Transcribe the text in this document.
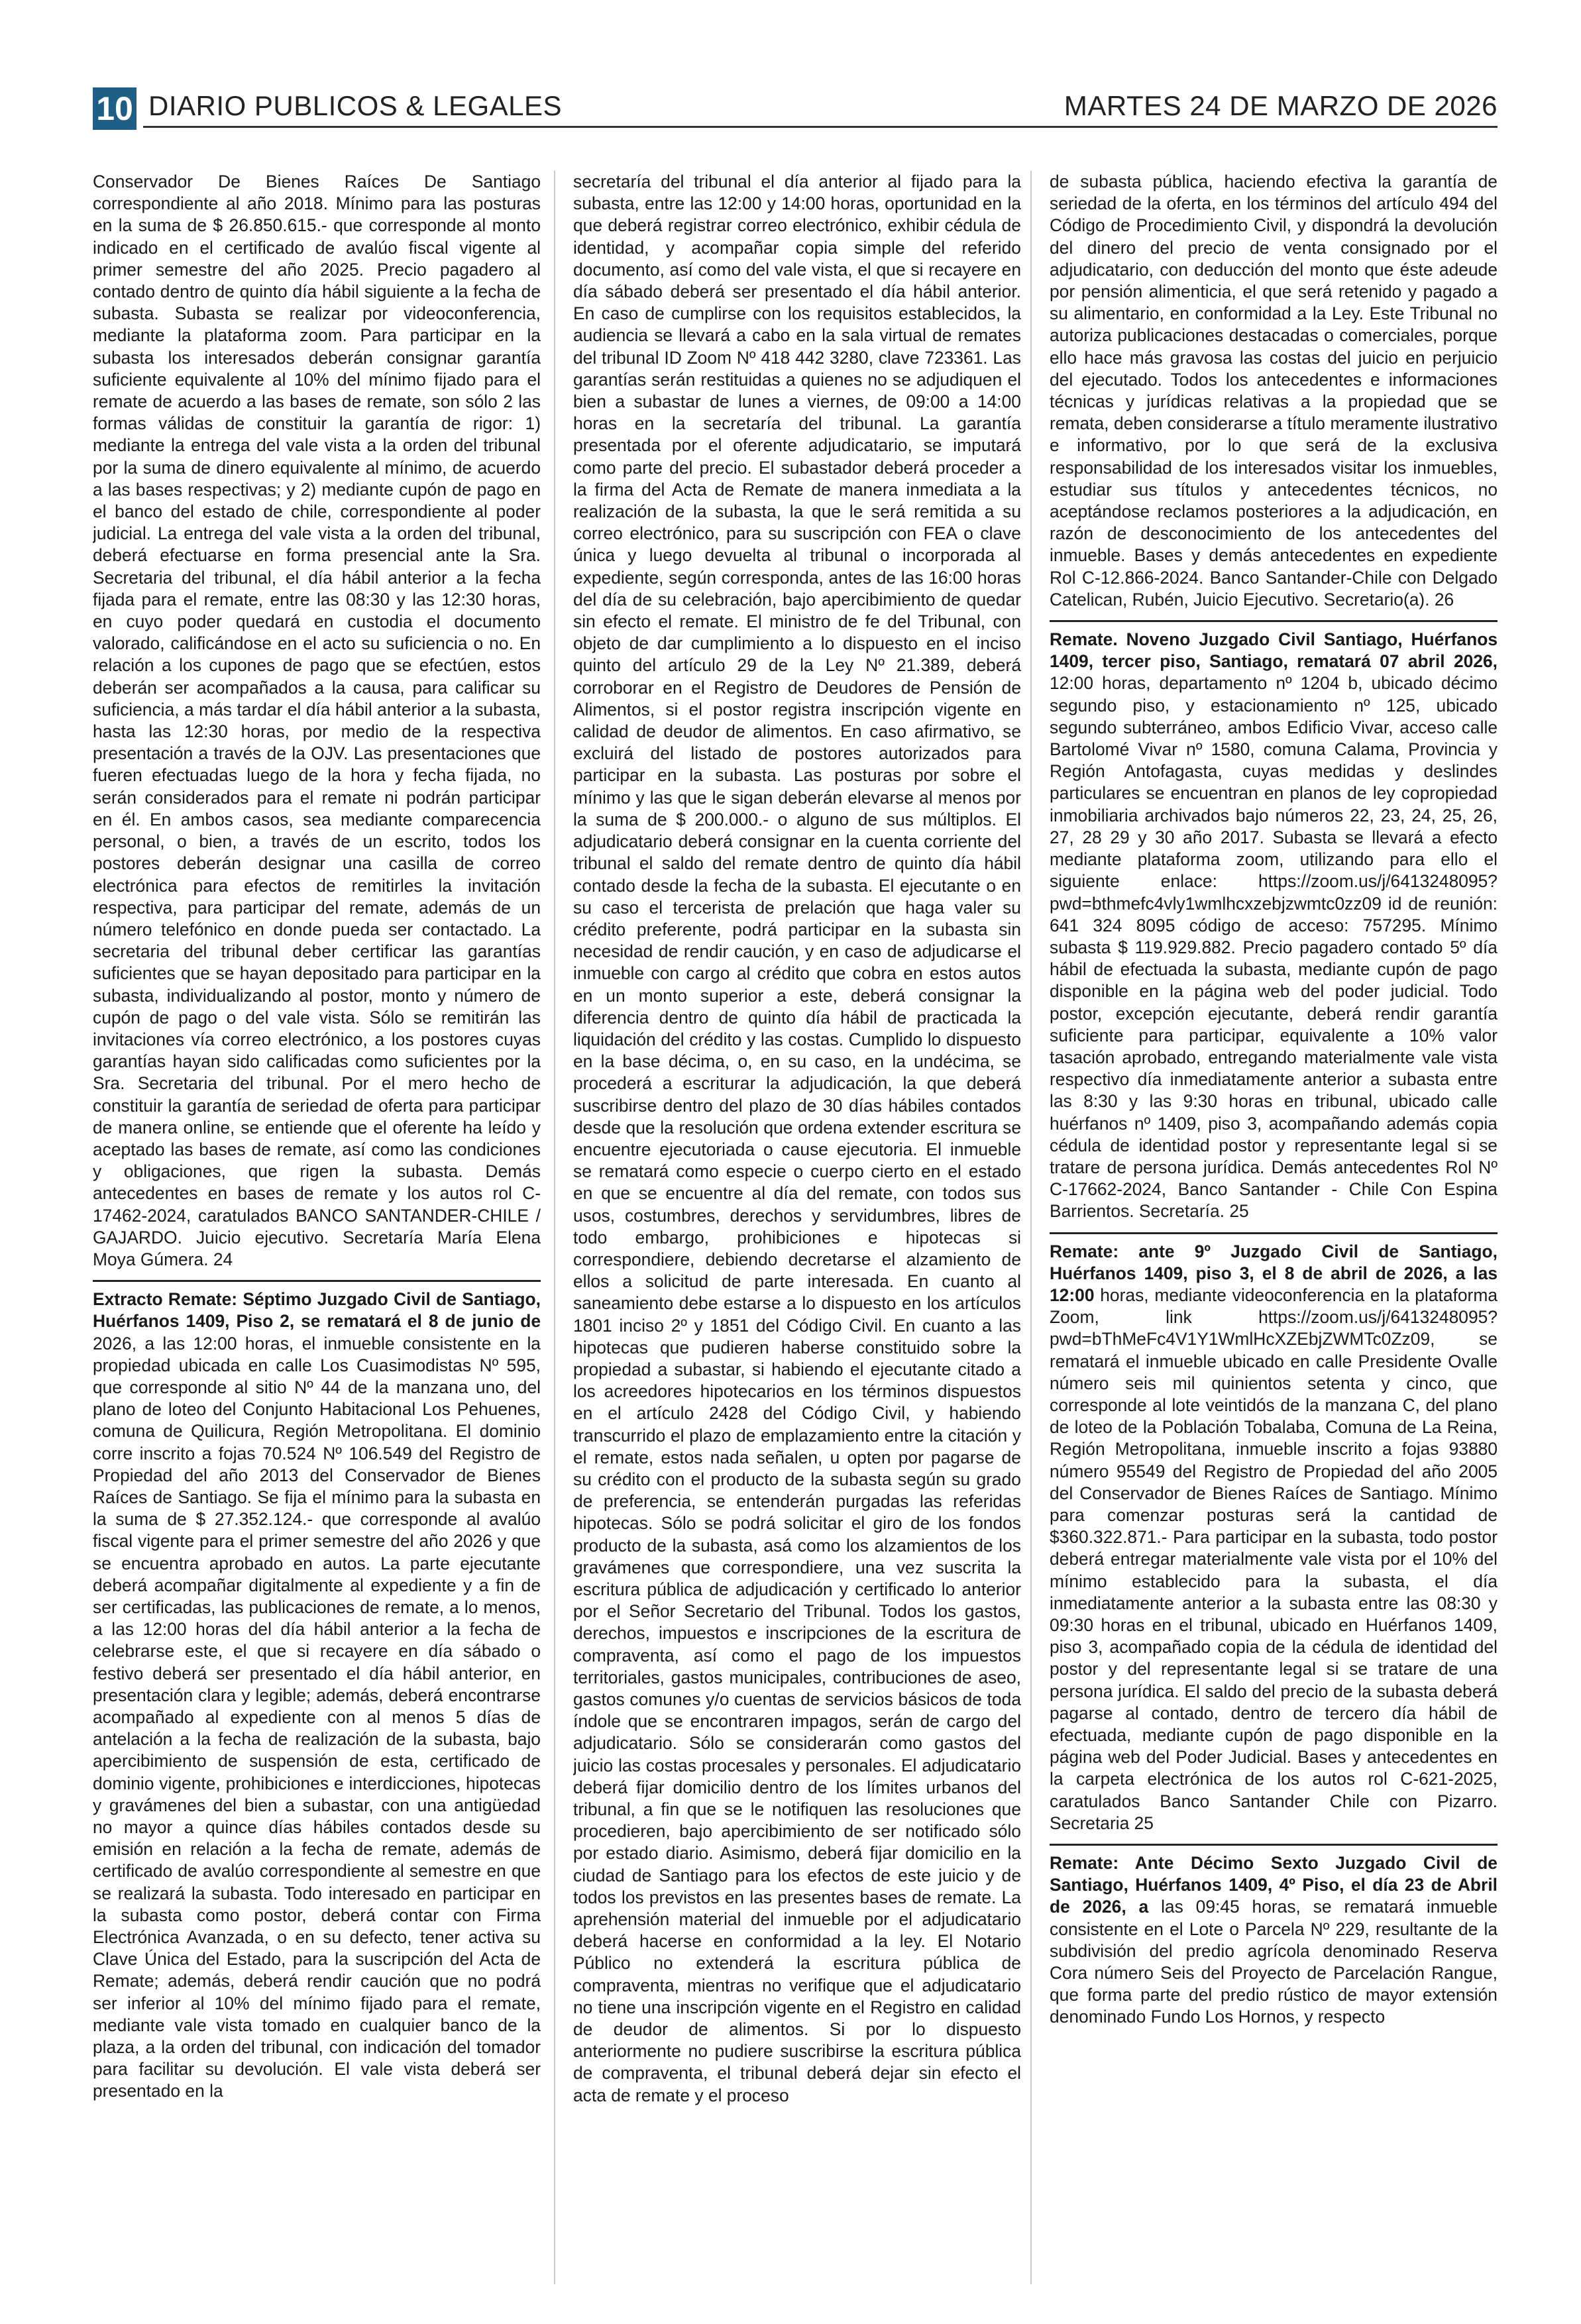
10 DIARIO PUBLICOS & LEGALES	MARTES 24 DE MARZO DE 2026

Conservador De Bienes Raíces De Santiago correspondiente al año 2018. Mínimo para las posturas en la suma de $ 26.850.615.- que corresponde al monto indicado en el certificado de avalúo fiscal vigente al primer semestre del año 2025. Precio pagadero al contado dentro de quinto día hábil siguiente a la fecha de subasta. Subasta se realizar por videoconferencia, mediante la plataforma zoom. Para participar en la subasta los interesados deberán consignar garantía suficiente equivalente al 10% del mínimo fijado para el remate de acuerdo a las bases de remate, son sólo 2 las formas válidas de constituir la garantía de rigor: 1) mediante la entrega del vale vista a la orden del tribunal por la suma de dinero equivalente al mínimo, de acuerdo a las bases respectivas; y 2) mediante cupón de pago en el banco del estado de chile, correspondiente al poder judicial. La entrega del vale vista a la orden del tribunal, deberá efectuarse en forma presencial ante la Sra. Secretaria del tribunal, el día hábil anterior a la fecha fijada para el remate, entre las 08:30 y las 12:30 horas, en cuyo poder quedará en custodia el documento valorado, calificándose en el acto su suficiencia o no. En relación a los cupones de pago que se efectúen, estos deberán ser acompañados a la causa, para calificar su suficiencia, a más tardar el día hábil anterior a la subasta, hasta las 12:30 horas, por medio de la respectiva presentación a través de la OJV. Las presentaciones que fueren efectuadas luego de la hora y fecha fijada, no serán considerados para el remate ni podrán participar en él. En ambos casos, sea mediante comparecencia personal, o bien, a través de un escrito, todos los postores deberán designar una casilla de correo electrónica para efectos de remitirles la invitación respectiva, para participar del remate, además de un número telefónico en donde pueda ser contactado. La secretaria del tribunal deber certificar las garantías suficientes que se hayan depositado para participar en la subasta, individualizando al postor, monto y número de cupón de pago o del vale vista. Sólo se remitirán las invitaciones vía correo electrónico, a los postores cuyas garantías hayan sido calificadas como suficientes por la Sra. Secretaria del tribunal. Por el mero hecho de constituir la garantía de seriedad de oferta para participar de manera online, se entiende que el oferente ha leído y aceptado las bases de remate, así como las condiciones y obligaciones, que rigen la subasta. Demás antecedentes en bases de remate y los autos rol C-17462-2024, caratulados BANCO SANTANDER-CHILE / GAJARDO. Juicio ejecutivo. Secretaría María Elena Moya Gúmera. 24

Extracto Remate: Séptimo Juzgado Civil de Santiago, Huérfanos 1409, Piso 2, se rematará el 8 de junio de 2026, a las 12:00 horas, el inmueble consistente en la propiedad ubicada en calle Los Cuasimodistas Nº 595, que corresponde al sitio Nº 44 de la manzana uno, del plano de loteo del Conjunto Habitacional Los Pehuenes, comuna de Quilicura, Región Metropolitana. El dominio corre inscrito a fojas 70.524 Nº 106.549 del Registro de Propiedad del año 2013 del Conservador de Bienes Raíces de Santiago. Se fija el mínimo para la subasta en la suma de $ 27.352.124.- que corresponde al avalúo fiscal vigente para el primer semestre del año 2026 y que se encuentra aprobado en autos. La parte ejecutante deberá acompañar digitalmente al expediente y a fin de ser certificadas, las publicaciones de remate, a lo menos, a las 12:00 horas del día hábil anterior a la fecha de celebrarse este, el que si recayere en día sábado o festivo deberá ser presentado el día hábil anterior, en presentación clara y legible; además, deberá encontrarse acompañado al expediente con al menos 5 días de antelación a la fecha de realización de la subasta, bajo apercibimiento de suspensión de esta, certificado de dominio vigente, prohibiciones e interdicciones, hipotecas y gravámenes del bien a subastar, con una antigüedad no mayor a quince días hábiles contados desde su emisión en relación a la fecha de remate, además de certificado de avalúo correspondiente al semestre en que se realizará la subasta. Todo interesado en participar en la subasta como postor, deberá contar con Firma Electrónica Avanzada, o en su defecto, tener activa su Clave Única del Estado, para la suscripción del Acta de Remate; además, deberá rendir caución que no podrá ser inferior al 10% del mínimo fijado para el remate, mediante vale vista tomado en cualquier banco de la plaza, a la orden del tribunal, con indicación del tomador para facilitar su devolución. El vale vista deberá ser presentado en la

secretaría del tribunal el día anterior al fijado para la subasta, entre las 12:00 y 14:00 horas, oportunidad en la que deberá registrar correo electrónico, exhibir cédula de identidad, y acompañar copia simple del referido documento, así como del vale vista, el que si recayere en día sábado deberá ser presentado el día hábil anterior. En caso de cumplirse con los requisitos establecidos, la audiencia se llevará a cabo en la sala virtual de remates del tribunal ID Zoom Nº 418 442 3280, clave 723361. Las garantías serán restituidas a quienes no se adjudiquen el bien a subastar de lunes a viernes, de 09:00 a 14:00 horas en la secretaría del tribunal. La garantía presentada por el oferente adjudicatario, se imputará como parte del precio. El subastador deberá proceder a la firma del Acta de Remate de manera inmediata a la realización de la subasta, la que le será remitida a su correo electrónico, para su suscripción con FEA o clave única y luego devuelta al tribunal o incorporada al expediente, según corresponda, antes de las 16:00 horas del día de su celebración, bajo apercibimiento de quedar sin efecto el remate. El ministro de fe del Tribunal, con objeto de dar cumplimiento a lo dispuesto en el inciso quinto del artículo 29 de la Ley Nº 21.389, deberá corroborar en el Registro de Deudores de Pensión de Alimentos, si el postor registra inscripción vigente en calidad de deudor de alimentos. En caso afirmativo, se excluirá del listado de postores autorizados para participar en la subasta. Las posturas por sobre el mínimo y las que le sigan deberán elevarse al menos por la suma de $ 200.000.- o alguno de sus múltiplos. El adjudicatario deberá consignar en la cuenta corriente del tribunal el saldo del remate dentro de quinto día hábil contado desde la fecha de la subasta. El ejecutante o en su caso el tercerista de prelación que haga valer su crédito preferente, podrá participar en la subasta sin necesidad de rendir caución, y en caso de adjudicarse el inmueble con cargo al crédito que cobra en estos autos en un monto superior a este, deberá consignar la diferencia dentro de quinto día hábil de practicada la liquidación del crédito y las costas. Cumplido lo dispuesto en la base décima, o, en su caso, en la undécima, se procederá a escriturar la adjudicación, la que deberá suscribirse dentro del plazo de 30 días hábiles contados desde que la resolución que ordena extender escritura se encuentre ejecutoriada o cause ejecutoria. El inmueble se rematará como especie o cuerpo cierto en el estado en que se encuentre al día del remate, con todos sus usos, costumbres, derechos y servidumbres, libres de todo embargo, prohibiciones e hipotecas si correspondiere, debiendo decretarse el alzamiento de ellos a solicitud de parte interesada. En cuanto al saneamiento debe estarse a lo dispuesto en los artículos 1801 inciso 2º y 1851 del Código Civil. En cuanto a las hipotecas que pudieren haberse constituido sobre la propiedad a subastar, si habiendo el ejecutante citado a los acreedores hipotecarios en los términos dispuestos en el artículo 2428 del Código Civil, y habiendo transcurrido el plazo de emplazamiento entre la citación y el remate, estos nada señalen, u opten por pagarse de su crédito con el producto de la subasta según su grado de preferencia, se entenderán purgadas las referidas hipotecas. Sólo se podrá solicitar el giro de los fondos producto de la subasta, asá como los alzamientos de los gravámenes que correspondiere, una vez suscrita la escritura pública de adjudicación y certificado lo anterior por el Señor Secretario del Tribunal. Todos los gastos, derechos, impuestos e inscripciones de la escritura de compraventa, así como el pago de los impuestos territoriales, gastos municipales, contribuciones de aseo, gastos comunes y/o cuentas de servicios básicos de toda índole que se encontraren impagos, serán de cargo del adjudicatario. Sólo se considerarán como gastos del juicio las costas procesales y personales. El adjudicatario deberá fijar domicilio dentro de los límites urbanos del tribunal, a fin que se le notifiquen las resoluciones que procedieren, bajo apercibimiento de ser notificado sólo por estado diario. Asimismo, deberá fijar domicilio en la ciudad de Santiago para los efectos de este juicio y de todos los previstos en las presentes bases de remate. La aprehensión material del inmueble por el adjudicatario deberá hacerse en conformidad a la ley. El Notario Público no extenderá la escritura pública de compraventa, mientras no verifique que el adjudicatario no tiene una inscripción vigente en el Registro en calidad de deudor de alimentos. Si por lo dispuesto anteriormente no pudiere suscribirse la escritura pública de compraventa, el tribunal deberá dejar sin efecto el acta de remate y el proceso

de subasta pública, haciendo efectiva la garantía de seriedad de la oferta, en los términos del artículo 494 del Código de Procedimiento Civil, y dispondrá la devolución del dinero del precio de venta consignado por el adjudicatario, con deducción del monto que éste adeude por pensión alimenticia, el que será retenido y pagado a su alimentario, en conformidad a la Ley. Este Tribunal no autoriza publicaciones destacadas o comerciales, porque ello hace más gravosa las costas del juicio en perjuicio del ejecutado. Todos los antecedentes e informaciones técnicas y jurídicas relativas a la propiedad que se remata, deben considerarse a título meramente ilustrativo e informativo, por lo que será de la exclusiva responsabilidad de los interesados visitar los inmuebles, estudiar sus títulos y antecedentes técnicos, no aceptándose reclamos posteriores a la adjudicación, en razón de desconocimiento de los antecedentes del inmueble. Bases y demás antecedentes en expediente Rol C-12.866-2024. Banco Santander-Chile con Delgado Catelican, Rubén, Juicio Ejecutivo. Secretario(a). 26

Remate. Noveno Juzgado Civil Santiago, Huérfanos 1409, tercer piso, Santiago, rematará 07 abril 2026, 12:00 horas, departamento nº 1204 b, ubicado décimo segundo piso, y estacionamiento nº 125, ubicado segundo subterráneo, ambos Edificio Vivar, acceso calle Bartolomé Vivar nº 1580, comuna Calama, Provincia y Región Antofagasta, cuyas medidas y deslindes particulares se encuentran en planos de ley copropiedad inmobiliaria archivados bajo números 22, 23, 24, 25, 26, 27, 28 29 y 30 año 2017. Subasta se llevará a efecto mediante plataforma zoom, utilizando para ello el siguiente enlace: https://zoom.us/j/6413248095?pwd=bthmefc4vly1wmlhcxzebjzwmtc0zz09 id de reunión: 641 324 8095 código de acceso: 757295. Mínimo subasta $ 119.929.882. Precio pagadero contado 5º día hábil de efectuada la subasta, mediante cupón de pago disponible en la página web del poder judicial. Todo postor, excepción ejecutante, deberá rendir garantía suficiente para participar, equivalente a 10% valor tasación aprobado, entregando materialmente vale vista respectivo día inmediatamente anterior a subasta entre las 8:30 y las 9:30 horas en tribunal, ubicado calle huérfanos nº 1409, piso 3, acompañando además copia cédula de identidad postor y representante legal si se tratare de persona jurídica. Demás antecedentes Rol Nº C-17662-2024, Banco Santander - Chile Con Espina Barrientos. Secretaría. 25

Remate: ante 9º Juzgado Civil de Santiago, Huérfanos 1409, piso 3, el 8 de abril de 2026, a las 12:00 horas, mediante videoconferencia en la plataforma Zoom, link https://zoom.us/j/6413248095?pwd=bThMeFc4V1Y1WmlHcXZEbjZWMTc0Zz09, se rematará el inmueble ubicado en calle Presidente Ovalle número seis mil quinientos setenta y cinco, que corresponde al lote veintidós de la manzana C, del plano de loteo de la Población Tobalaba, Comuna de La Reina, Región Metropolitana, inmueble inscrito a fojas 93880 número 95549 del Registro de Propiedad del año 2005 del Conservador de Bienes Raíces de Santiago. Mínimo para comenzar posturas será la cantidad de $360.322.871.- Para participar en la subasta, todo postor deberá entregar materialmente vale vista por el 10% del mínimo establecido para la subasta, el día inmediatamente anterior a la subasta entre las 08:30 y 09:30 horas en el tribunal, ubicado en Huérfanos 1409, piso 3, acompañado copia de la cédula de identidad del postor y del representante legal si se tratare de una persona jurídica. El saldo del precio de la subasta deberá pagarse al contado, dentro de tercero día hábil de efectuada, mediante cupón de pago disponible en la página web del Poder Judicial. Bases y antecedentes en la carpeta electrónica de los autos rol C-621-2025, caratulados Banco Santander Chile con Pizarro. Secretaria 25

Remate: Ante Décimo Sexto Juzgado Civil de Santiago, Huérfanos 1409, 4º Piso, el día 23 de Abril de 2026, a las 09:45 horas, se rematará inmueble consistente en el Lote o Parcela Nº 229, resultante de la subdivisión del predio agrícola denominado Reserva Cora número Seis del Proyecto de Parcelación Rangue, que forma parte del predio rústico de mayor extensión denominado Fundo Los Hornos, y respecto
